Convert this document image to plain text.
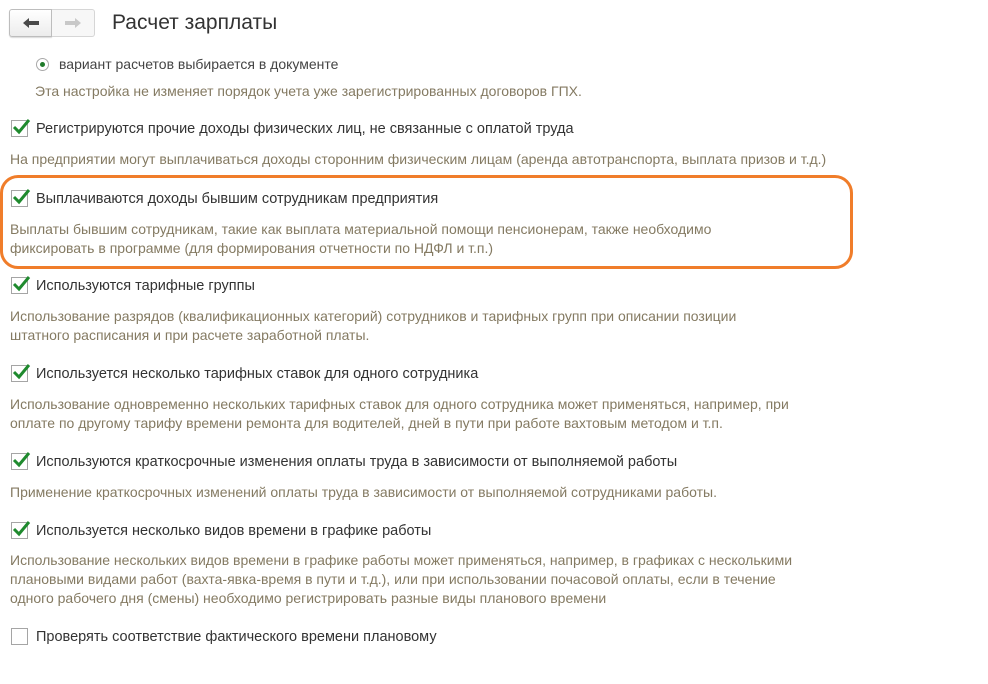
Расчет зарплаты
вариант расчетов выбирается в документе
Эта настройка не изменяет порядок учета уже зарегистрированных договоров ГПХ.
Регистрируются прочие доходы физических лиц, не связанные с оплатой труда
На предприятии могут выплачиваться доходы сторонним физическим лицам (аренда автотранспорта, выплата призов и т.д.)
Выплачиваются доходы бывшим сотрудникам предприятия
Выплаты бывшим сотрудникам, такие как выплата материальной помощи пенсионерам, также необходимо
фиксировать в программе (для формирования отчетности по НДФЛ и т.п.)
Используются тарифные группы
Использование разрядов (квалификационных категорий) сотрудников и тарифных групп при описании позиции
штатного расписания и при расчете заработной платы.
Используется несколько тарифных ставок для одного сотрудника
Использование одновременно нескольких тарифных ставок для одного сотрудника может применяться, например, при
оплате по другому тарифу времени ремонта для водителей, дней в пути при работе вахтовым методом и т.п.
Используются краткосрочные изменения оплаты труда в зависимости от выполняемой работы
Применение краткосрочных изменений оплаты труда в зависимости от выполняемой сотрудниками работы.
Используется несколько видов времени в графике работы
Использование нескольких видов времени в графике работы может применяться, например, в графиках с несколькими
плановыми видами работ (вахта-явка-время в пути и т.д.), или при использовании почасовой оплаты, если в течение
одного рабочего дня (смены) необходимо регистрировать разные виды планового времени
Проверять соответствие фактического времени плановому
